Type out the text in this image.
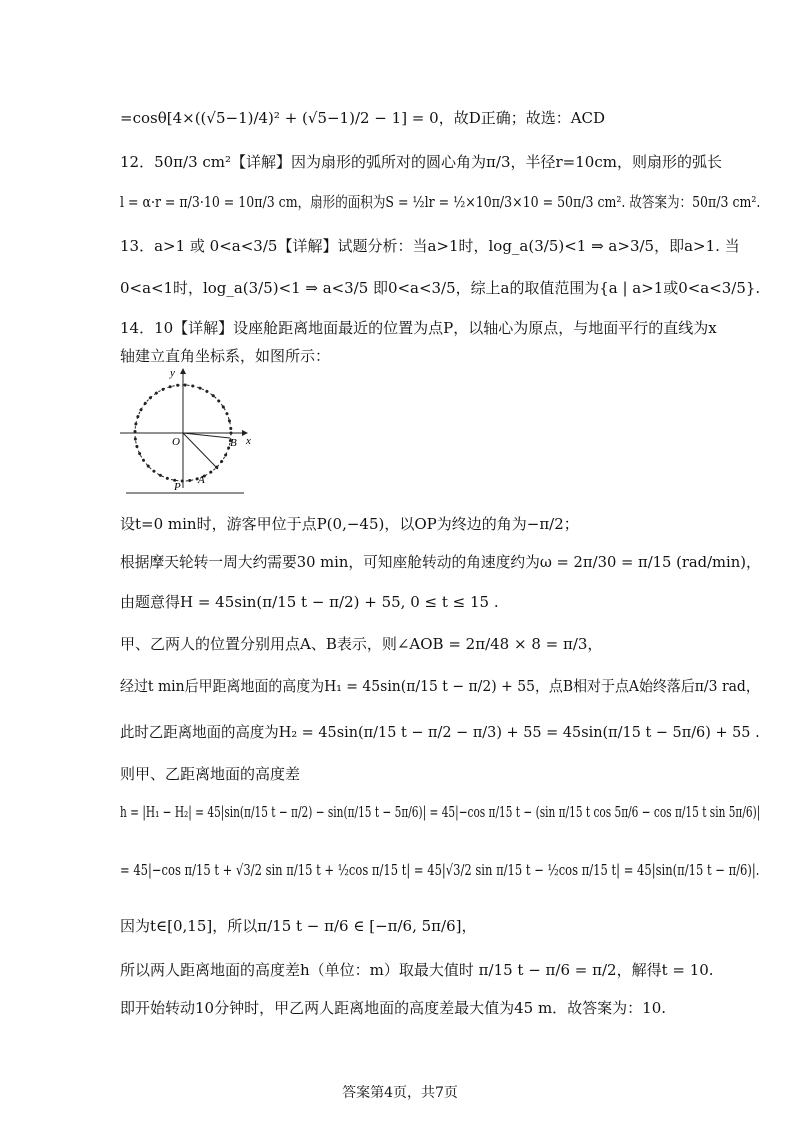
=cosθ[4×((√5−1)/4)² + (√5−1)/2 − 1] = 0，故D正确；故选：ACD
12．50π/3 cm²【详解】因为扇形的弧所对的圆心角为π/3，半径r=10cm，则扇形的弧长
l = α·r = π/3·10 = 10π/3 cm，扇形的面积为S = ½lr = ½×10π/3×10 = 50π/3 cm². 故答案为：50π/3 cm².
13．a>1 或 0<a<3/5【详解】试题分析：当a>1时，log_a(3/5)<1 ⇒ a>3/5，即a>1. 当
0<a<1时，log_a(3/5)<1 ⇒ a<3/5 即0<a<3/5，综上a的取值范围为{a | a>1或0<a<3/5}.
14．10【详解】设座舱距离地面最近的位置为点P，以轴心为原点，与地面平行的直线为x
轴建立直角坐标系，如图所示：
y
x
O	B
A
P
设t=0 min时，游客甲位于点P(0,−45)，以OP为终边的角为−π/2；
根据摩天轮转一周大约需要30 min，可知座舱转动的角速度约为ω = 2π/30 = π/15 (rad/min)，
由题意得H = 45sin(π/15 t − π/2) + 55, 0 ≤ t ≤ 15 .
甲、乙两人的位置分别用点A、B表示，则∠AOB = 2π/48 × 8 = π/3，
经过t min后甲距离地面的高度为H₁ = 45sin(π/15 t − π/2) + 55，点B相对于点A始终落后π/3 rad，
此时乙距离地面的高度为H₂ = 45sin(π/15 t − π/2 − π/3) + 55 = 45sin(π/15 t − 5π/6) + 55 .
则甲、乙距离地面的高度差
h = |H₁ − H₂| = 45|sin(π/15 t − π/2) − sin(π/15 t − 5π/6)| = 45|−cos π/15 t − (sin π/15 t cos 5π/6 − cos π/15 t sin 5π/6)|
= 45|−cos π/15 t + √3/2 sin π/15 t + ½cos π/15 t| = 45|√3/2 sin π/15 t − ½cos π/15 t| = 45|sin(π/15 t − π/6)|.
因为t∈[0,15]，所以π/15 t − π/6 ∈ [−π/6, 5π/6]，
所以两人距离地面的高度差h（单位：m）取最大值时 π/15 t − π/6 = π/2，解得t = 10.
即开始转动10分钟时，甲乙两人距离地面的高度差最大值为45 m．故答案为：10.
答案第4页，共7页
